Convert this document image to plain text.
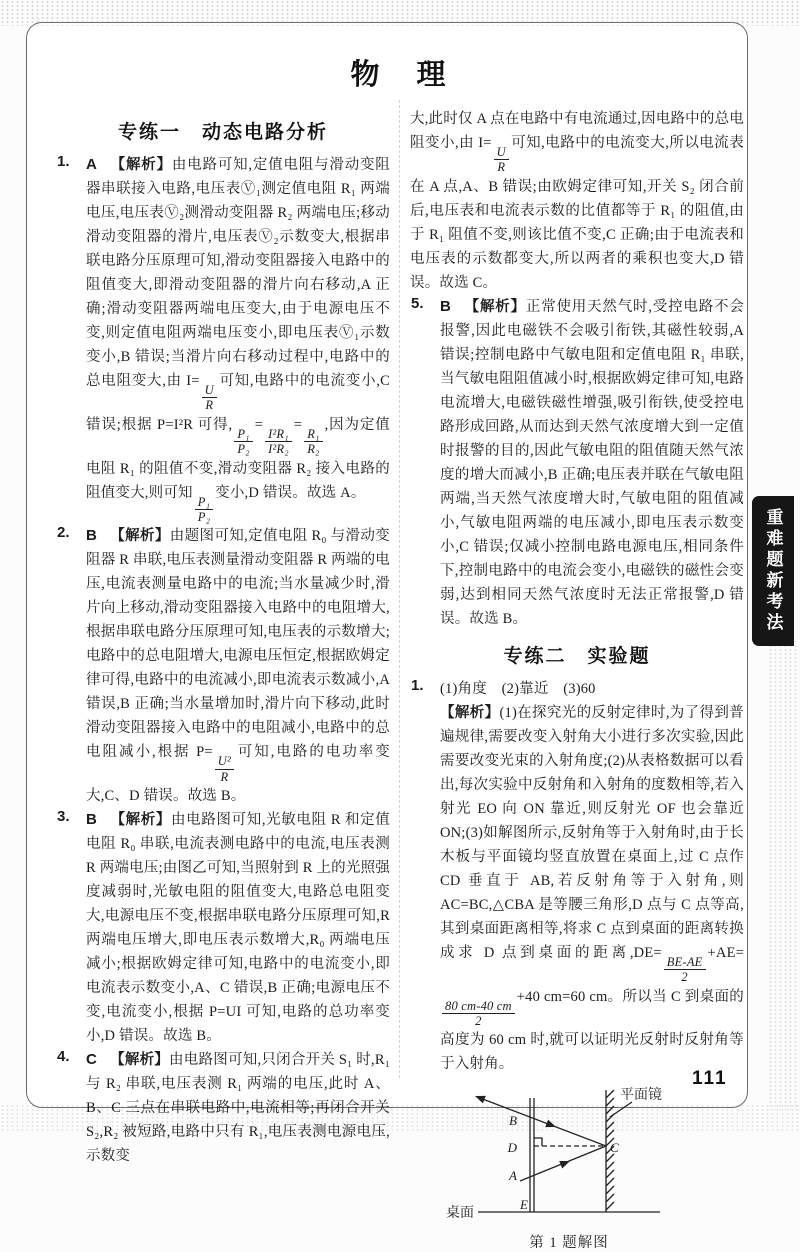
物　理
专练一　动态电路分析
1. A 【解析】由电路可知,定值电阻与滑动变阻器串联接入电路,电压表Ⓥ₁测定值电阻 R₁ 两端电压,电压表Ⓥ₂测滑动变阻器 R₂ 两端电压;移动滑动变阻器的滑片,电压表Ⓥ₂示数变大,根据串联电路分压原理可知,滑动变阻器接入电路中的阻值变大,即滑动变阻器的滑片向右移动,A 正确;滑动变阻器两端电压变大,由于电源电压不变,则定值电阻两端电压变小,即电压表Ⓥ₁示数变小,B 错误;当滑片向右移动过程中,电路中的总电阻变大,由 I=
$\frac{U}{R}$
可知,电路中的电流变小,C 错误;根据 P=I²R 可得,
$\frac{\text{P₁}}{\text{P₂}}$
=
$\frac{\text{I²R₁}}{\text{I²R₂}}$
=
$\frac{\text{R₁}}{\text{R₂}}$
,因为定值电阻 R₁ 的阻值不变,滑动变阻器 R₂ 接入电路的阻值变大,则可知
$\frac{\text{P₁}}{\text{P₂}}$
变小,D 错误。故选 A。
2. B 【解析】由题图可知,定值电阻 R₀ 与滑动变阻器 R 串联,电压表测量滑动变阻器 R 两端的电压,电流表测量电路中的电流;当水量减少时,滑片向上移动,滑动变阻器接入电路中的电阻增大,根据串联电路分压原理可知,电压表的示数增大;电路中的总电阻增大,电源电压恒定,根据欧姆定律可得,电路中的电流减小,即电流表示数减小,A 错误,B 正确;当水量增加时,滑片向下移动,此时滑动变阻器接入电路中的电阻减小,电路中的总电阻减小,根据 P=
$\frac{\text{U²}}{R}$
可知,电路的电功率变大,C、D 错误。故选 B。
3. B 【解析】由电路图可知,光敏电阻 R 和定值电阻 R₀ 串联,电流表测电路中的电流,电压表测 R 两端电压;由图乙可知,当照射到 R 上的光照强度减弱时,光敏电阻的阻值变大,电路总电阻变大,电源电压不变,根据串联电路分压原理可知,R 两端电压增大,即电压表示数增大,R₀ 两端电压减小;根据欧姆定律可知,电路中的电流变小,即电流表示数变小,A、C 错误,B 正确;电源电压不变,电流变小,根据 P=UI 可知,电路的总功率变小,D 错误。故选 B。
4. C 【解析】由电路图可知,只闭合开关 S₁ 时,R₁ 与 R₂ 串联,电压表测 R₁ 两端的电压,此时 A、B、C 三点在串联电路中,电流相等;再闭合开关 S₂,R₂ 被短路,电路中只有 R₁,电压表测电源电压,示数变
大,此时仅 A 点在电路中有电流通过,因电路中的总电阻变小,由 I=
$\frac{U}{R}$
可知,电路中的电流变大,所以电流表在 A 点,A、B 错误;由欧姆定律可知,开关 S₂ 闭合前后,电压表和电流表示数的比值都等于 R₁ 的阻值,由于 R₁ 阻值不变,则该比值不变,C 正确;由于电流表和电压表的示数都变大,所以两者的乘积也变大,D 错误。故选 C。
5. B 【解析】正常使用天然气时,受控电路不会报警,因此电磁铁不会吸引衔铁,其磁性较弱,A 错误;控制电路中气敏电阻和定值电阻 R₁ 串联,当气敏电阻阻值减小时,根据欧姆定律可知,电路电流增大,电磁铁磁性增强,吸引衔铁,使受控电路形成回路,从而达到天然气浓度增大到一定值时报警的目的,因此气敏电阻的阻值随天然气浓度的增大而减小,B 正确;电压表并联在气敏电阻两端,当天然气浓度增大时,气敏电阻的阻值减小,气敏电阻两端的电压减小,即电压表示数变小,C 错误;仅减小控制电路电源电压,相同条件下,控制电路中的电流会变小,电磁铁的磁性会变弱,达到相同天然气浓度时无法正常报警,D 错误。故选 B。
专练二　实验题
1. (1)角度　(2)靠近　(3)60
【解析】(1)在探究光的反射定律时,为了得到普遍规律,需要改变入射角大小进行多次实验,因此需要改变光束的入射角度;(2)从表格数据可以看出,每次实验中反射角和入射角的度数相等,若入射光 EO 向 ON 靠近,则反射光 OF 也会靠近 ON;(3)如解图所示,反射角等于入射角时,由于长木板与平面镜均竖直放置在桌面上,过 C 点作 CD 垂直于 AB,若反射角等于入射角,则 AC=BC,△CBA 是等腰三角形,D 点与 C 点等高,其到桌面距离相等,将求 C 点到桌面的距离转换成求 D 点到桌面的距离,DE=
$\frac{BE-AE}{2}$
+AE=
$\frac{80 cm-40 cm}{2}$
+40 cm=60 cm。所以当 C 到桌面的高度为 60 cm 时,就可以证明光反射时反射角等于入射角。
B
D
A
E
C
平面镜
桌面
第 1 题解图
重难题新考法
111
